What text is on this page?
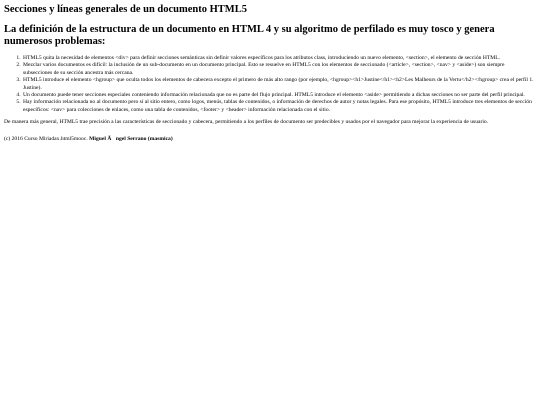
Secciones y líneas generales de un documento HTML5
La definición de la estructura de un documento en HTML 4 y su algoritmo de perfilado es muy tosco y genera numerosos problemas:
1. HTML5 quita la necesidad de elementos <div> para definir secciones semánticas sin definir valores específicos para los atributos class, introduciendo un nuevo elemento, <section>, el elemento de sección HTML.
2. Mezclar varios documentos es difícil: la inclusión de un sub-documento en un documento principal. Esto se resuelve en HTML5 con los elementos de seccionado (<article>, <section>, <nav> y <aside>) son siempre subsecciones de su sección ancestra más cercana.
3. HTML5 introduce el elemento <hgroup> que oculta todos los elementos de cabecera excepto el primero de más alto rango (por ejemplo, <hgroup><h1>Justine</h1><h2>Les Malheurs de la Vertu</h2></hgroup> crea el perfil 1. Justine).
4. Un documento puede tener secciones especiales conteniendo información relacionada que no es parte del flujo principal. HTML5 introduce el elemento <aside> permitiendo a dichas secciones no ser parte del perfil principal.
5. Hay información relacionada no al documento pero sí al sitio entero, como logos, menús, tablas de contenidos, o información de derechos de autor y notas legales. Para ese propósito, HTML5 introduce tres elementos de sección específicos: <nav> para colecciones de enlaces, como una tabla de contenidos, <footer> y <header> información relacionada con el sitio.

De manera más general, HTML5 trae precisión a las características de seccionado y cabecera, permitiendo a los perfiles de documento ser predecibles y usados por el navegador para mejorar la experiencia de usuario.

(c) 2016 Curso Miriadax.html5mooc. Miguel Ãngel Serrano (masmica)
